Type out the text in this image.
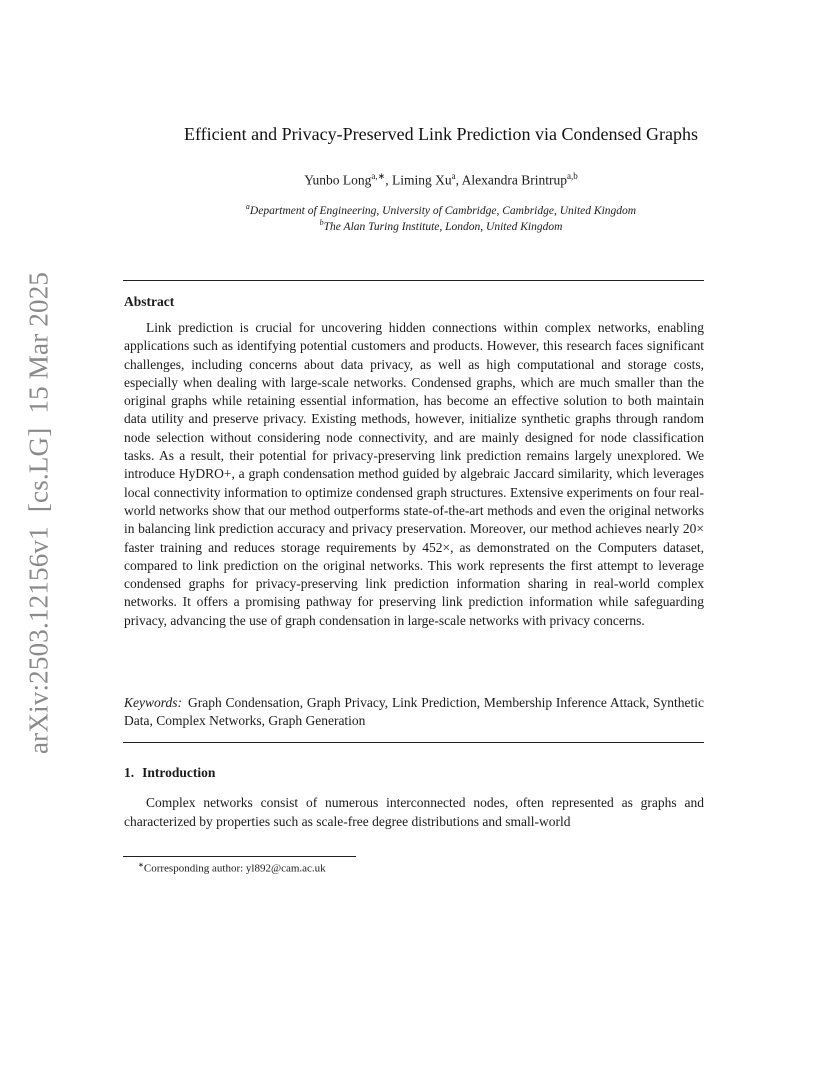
arXiv:2503.12156v1[cs.LG]15 Mar 2025
Efficient and Privacy-Preserved Link Prediction via Condensed Graphs
Yunbo Long$^{a,∗}$, Liming Xu$^a$, Alexandra Brintrup$^{a,b}$
$^a$Department of Engineering, University of Cambridge, Cambridge, United Kingdom
$^b$The Alan Turing Institute, London, United Kingdom
Abstract

Link prediction is crucial for uncovering hidden connections within complex networks, enabling applications such as identifying potential customers and products. However, this research faces significant challenges, including concerns about data privacy, as well as high computational and storage costs, especially when dealing with large-scale networks. Condensed graphs, which are much smaller than the original graphs while retaining essential information, has become an effective solution to both maintain data utility and preserve privacy. Existing methods, however, initialize synthetic graphs through random node selection without considering node connectivity, and are mainly designed for node classification tasks. As a result, their potential for privacy-preserving link prediction remains largely unexplored. We introduce HyDRO+, a graph condensation method guided by algebraic Jaccard similarity, which leverages local connectivity information to optimize condensed graph structures. Extensive experiments on four real-world networks show that our method outperforms state-of-the-art methods and even the original networks in balancing link prediction accuracy and privacy preservation. Moreover, our method achieves nearly 20× faster training and reduces storage requirements by 452×, as demonstrated on the Computers dataset, compared to link prediction on the original networks. This work represents the first attempt to leverage condensed graphs for privacy-preserving link prediction information sharing in real-world complex networks. It offers a promising pathway for preserving link prediction information while safeguarding privacy, advancing the use of graph condensation in large-scale networks with privacy concerns.

Keywords: Graph Condensation, Graph Privacy, Link Prediction, Membership Inference Attack, Synthetic Data, Complex Networks, Graph Generation

1. Introduction

Complex networks consist of numerous interconnected nodes, often represented as graphs and characterized by properties such as scale-free degree distributions and small-world

∗Corresponding author: yl892@cam.ac.uk
